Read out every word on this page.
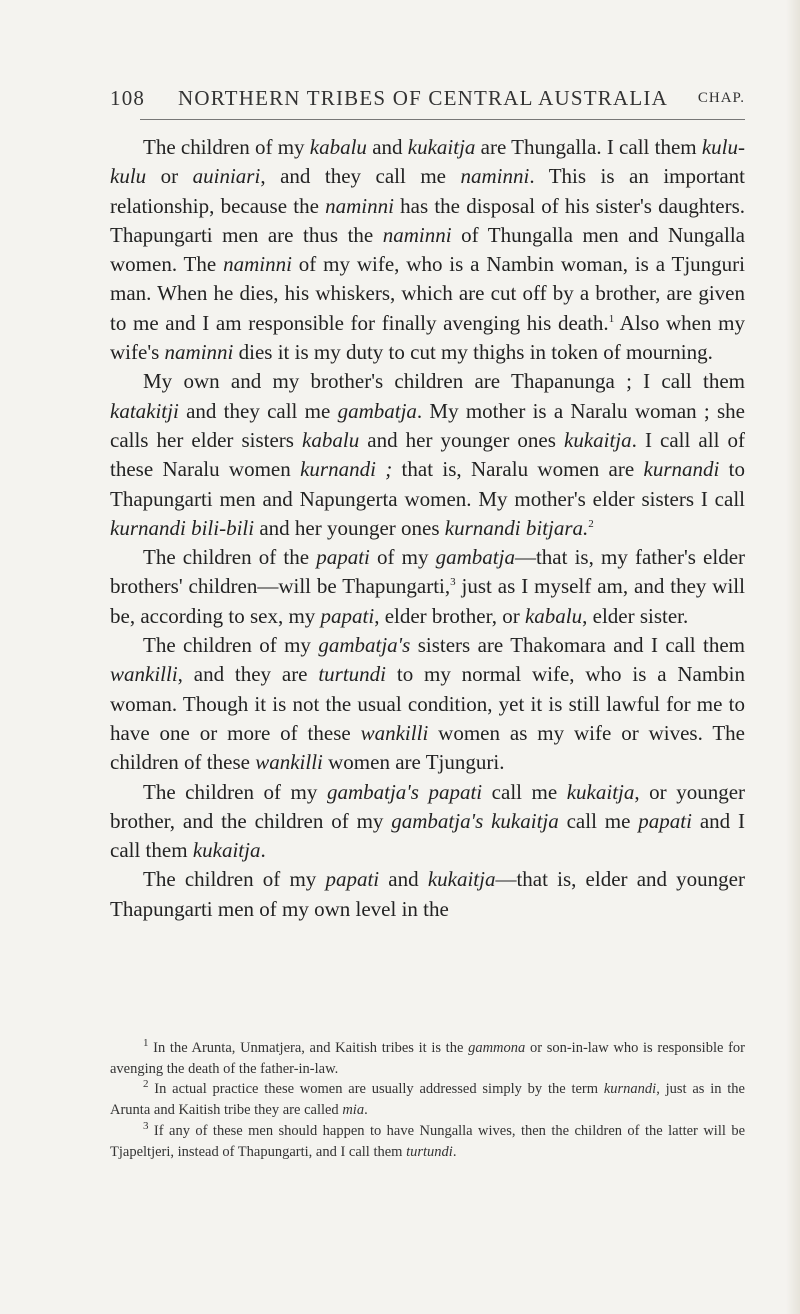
108 NORTHERN TRIBES OF CENTRAL AUSTRALIA CHAP.

The children of my kabalu and kukaitja are Thungalla. I call them kulu-kulu or auiniari, and they call me naminni. This is an important relationship, because the naminni has the disposal of his sister's daughters. Thapungarti men are thus the naminni of Thungalla men and Nungalla women. The naminni of my wife, who is a Nambin woman, is a Tjunguri man. When he dies, his whiskers, which are cut off by a brother, are given to me and I am responsible for finally avenging his death.$^1$ Also when my wife's naminni dies it is my duty to cut my thighs in token of mourning.

My own and my brother's children are Thapanunga ; I call them katakitji and they call me gambatja. My mother is a Naralu woman ; she calls her elder sisters kabalu and her younger ones kukaitja. I call all of these Naralu women kurnandi ; that is, Naralu women are kurnandi to Thapungarti men and Napungerta women. My mother's elder sisters I call kurnandi bili-bili and her younger ones kurnandi bitjara.$^2$

The children of the papati of my gambatja—that is, my father's elder brothers' children—will be Thapungarti,$^3$ just as I myself am, and they will be, according to sex, my papati, elder brother, or kabalu, elder sister.

The children of my gambatja's sisters are Thakomara and I call them wankilli, and they are turtundi to my normal wife, who is a Nambin woman. Though it is not the usual condition, yet it is still lawful for me to have one or more of these wankilli women as my wife or wives. The children of these wankilli women are Tjunguri.

The children of my gambatja's papati call me kukaitja, or younger brother, and the children of my gambatja's kukaitja call me papati and I call them kukaitja.

The children of my papati and kukaitja—that is, elder and younger Thapungarti men of my own level in the

$^1$ In the Arunta, Unmatjera, and Kaitish tribes it is the gammona or son-in-law who is responsible for avenging the death of the father-in-law.

$^2$ In actual practice these women are usually addressed simply by the term kurnandi, just as in the Arunta and Kaitish tribe they are called mia.

$^3$ If any of these men should happen to have Nungalla wives, then the children of the latter will be Tjapeltjeri, instead of Thapungarti, and I call them turtundi.
